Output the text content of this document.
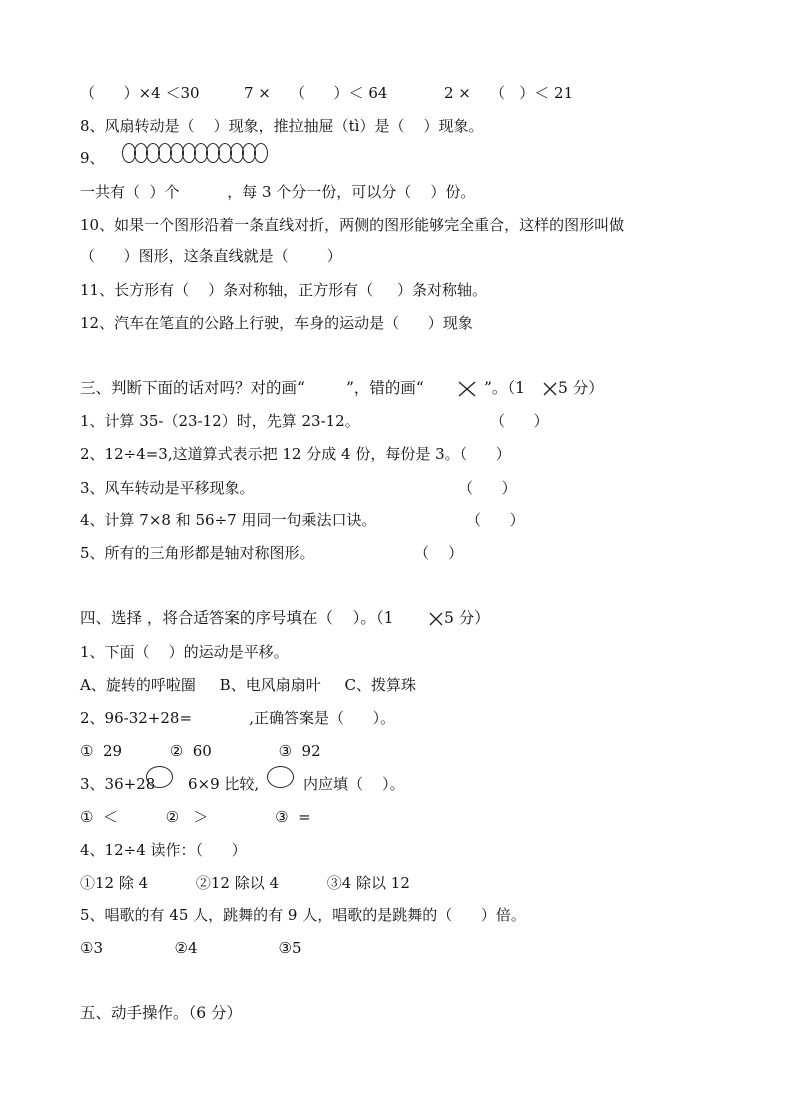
（      ）×4 ＜30	7 ×    （      ）＜ 64	2 ×    （   ）＜ 21
8、风扇转动是（    ）现象，推拉抽屉（tì）是（    ）现象。
9、
一共有（  ）个          ，每 3 个分一份，可以分（    ）份。
10、如果一个图形沿着一条直线对折，两侧的图形能够完全重合，这样的图形叫做
（      ）图形，这条直线就是（        ）
11、长方形有（    ）条对称轴，正方形有（     ）条对称轴。
12、汽车在笔直的公路上行驶，车身的运动是（      ）现象
三、判断下面的话对吗？对的画“	”，错的画“	”。（1 5 分）
1、计算 35-（23-12）时，先算 23-12。	（      ）
2、12÷4=3,这道算式表示把 12 分成 4 份，每份是 3。（      ）
3、风车转动是平移现象。	（      ）
4、计算 7×8 和 56÷7 用同一句乘法口诀。	（      ）
5、所有的三角形都是轴对称图形。	（    ）
四、选择 ，将合适答案的序号填在（    ）。（1	5 分）
1、下面（    ）的运动是平移。
A、旋转的呼啦圈     B、电风扇扇叶     C、拨算珠
2、96-32+28=            ,正确答案是（      ）。
①  29          ②  60              ③  92
3、36+28 6×9 比较,	内应填（    ）。
①  ＜          ②   ＞              ③  =
4、12÷4 读作：（      ）
①12 除 4          ②12 除以 4          ③4 除以 12
5、唱歌的有 45 人，跳舞的有 9 人，唱歌的是跳舞的（      ）倍。
①3               ②4                 ③5
五、动手操作。（6 分）
